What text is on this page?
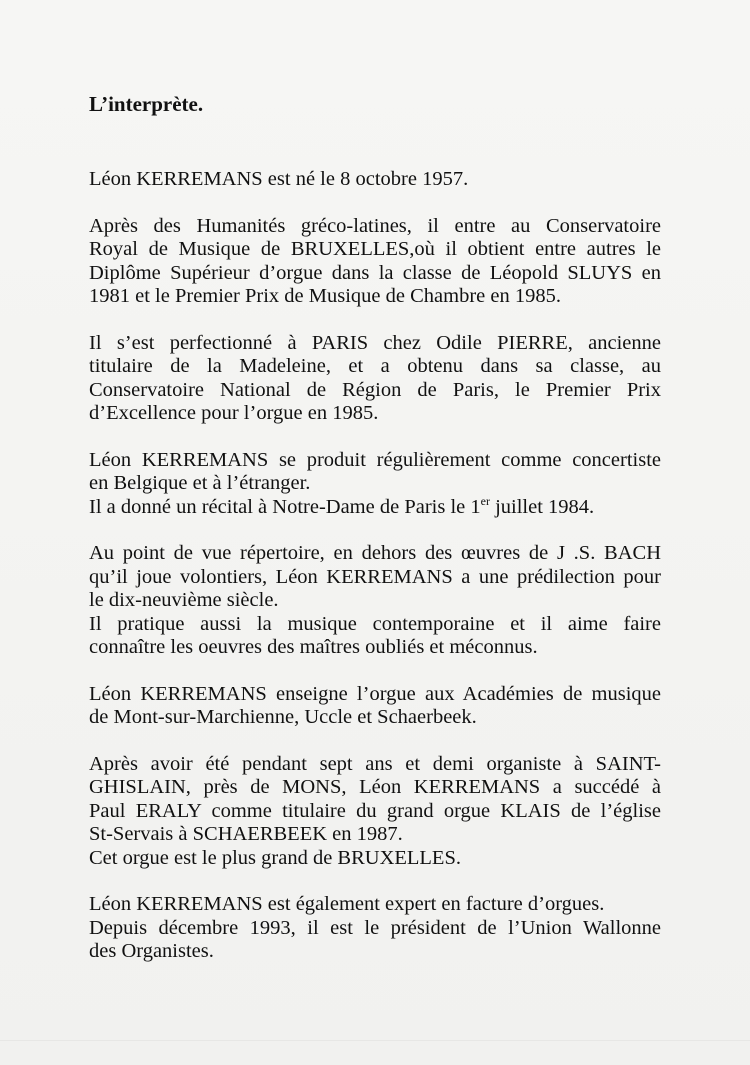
L’interprète.

Léon KERREMANS est né le 8 octobre 1957.

Après des Humanités gréco-latines, il entre au Conservatoire
Royal de Musique de BRUXELLES,où il obtient entre autres le
Diplôme Supérieur d’orgue dans la classe de Léopold SLUYS en
1981 et le Premier Prix de Musique de Chambre en 1985.

Il s’est perfectionné à PARIS chez Odile PIERRE, ancienne
titulaire de la Madeleine, et a obtenu dans sa classe, au
Conservatoire National de Région de Paris, le Premier Prix
d’Excellence pour l’orgue en 1985.

Léon KERREMANS se produit régulièrement comme concertiste
en Belgique et à l’étranger.
Il a donné un récital à Notre-Dame de Paris le 1er juillet 1984.

Au point de vue répertoire, en dehors des œuvres de J .S. BACH
qu’il joue volontiers, Léon KERREMANS a une prédilection pour
le dix-neuvième siècle.
Il pratique aussi la musique contemporaine et il aime faire
connaître les oeuvres des maîtres oubliés et méconnus.

Léon KERREMANS enseigne l’orgue aux Académies de musique
de Mont-sur-Marchienne, Uccle et Schaerbeek.

Après avoir été pendant sept ans et demi organiste à SAINT-
GHISLAIN, près de MONS, Léon KERREMANS a succédé à
Paul ERALY comme titulaire du grand orgue KLAIS de l’église
St-Servais à SCHAERBEEK en 1987.
Cet orgue est le plus grand de BRUXELLES.

Léon KERREMANS est également expert en facture d’orgues.
Depuis décembre 1993, il est le président de l’Union Wallonne
des Organistes.
